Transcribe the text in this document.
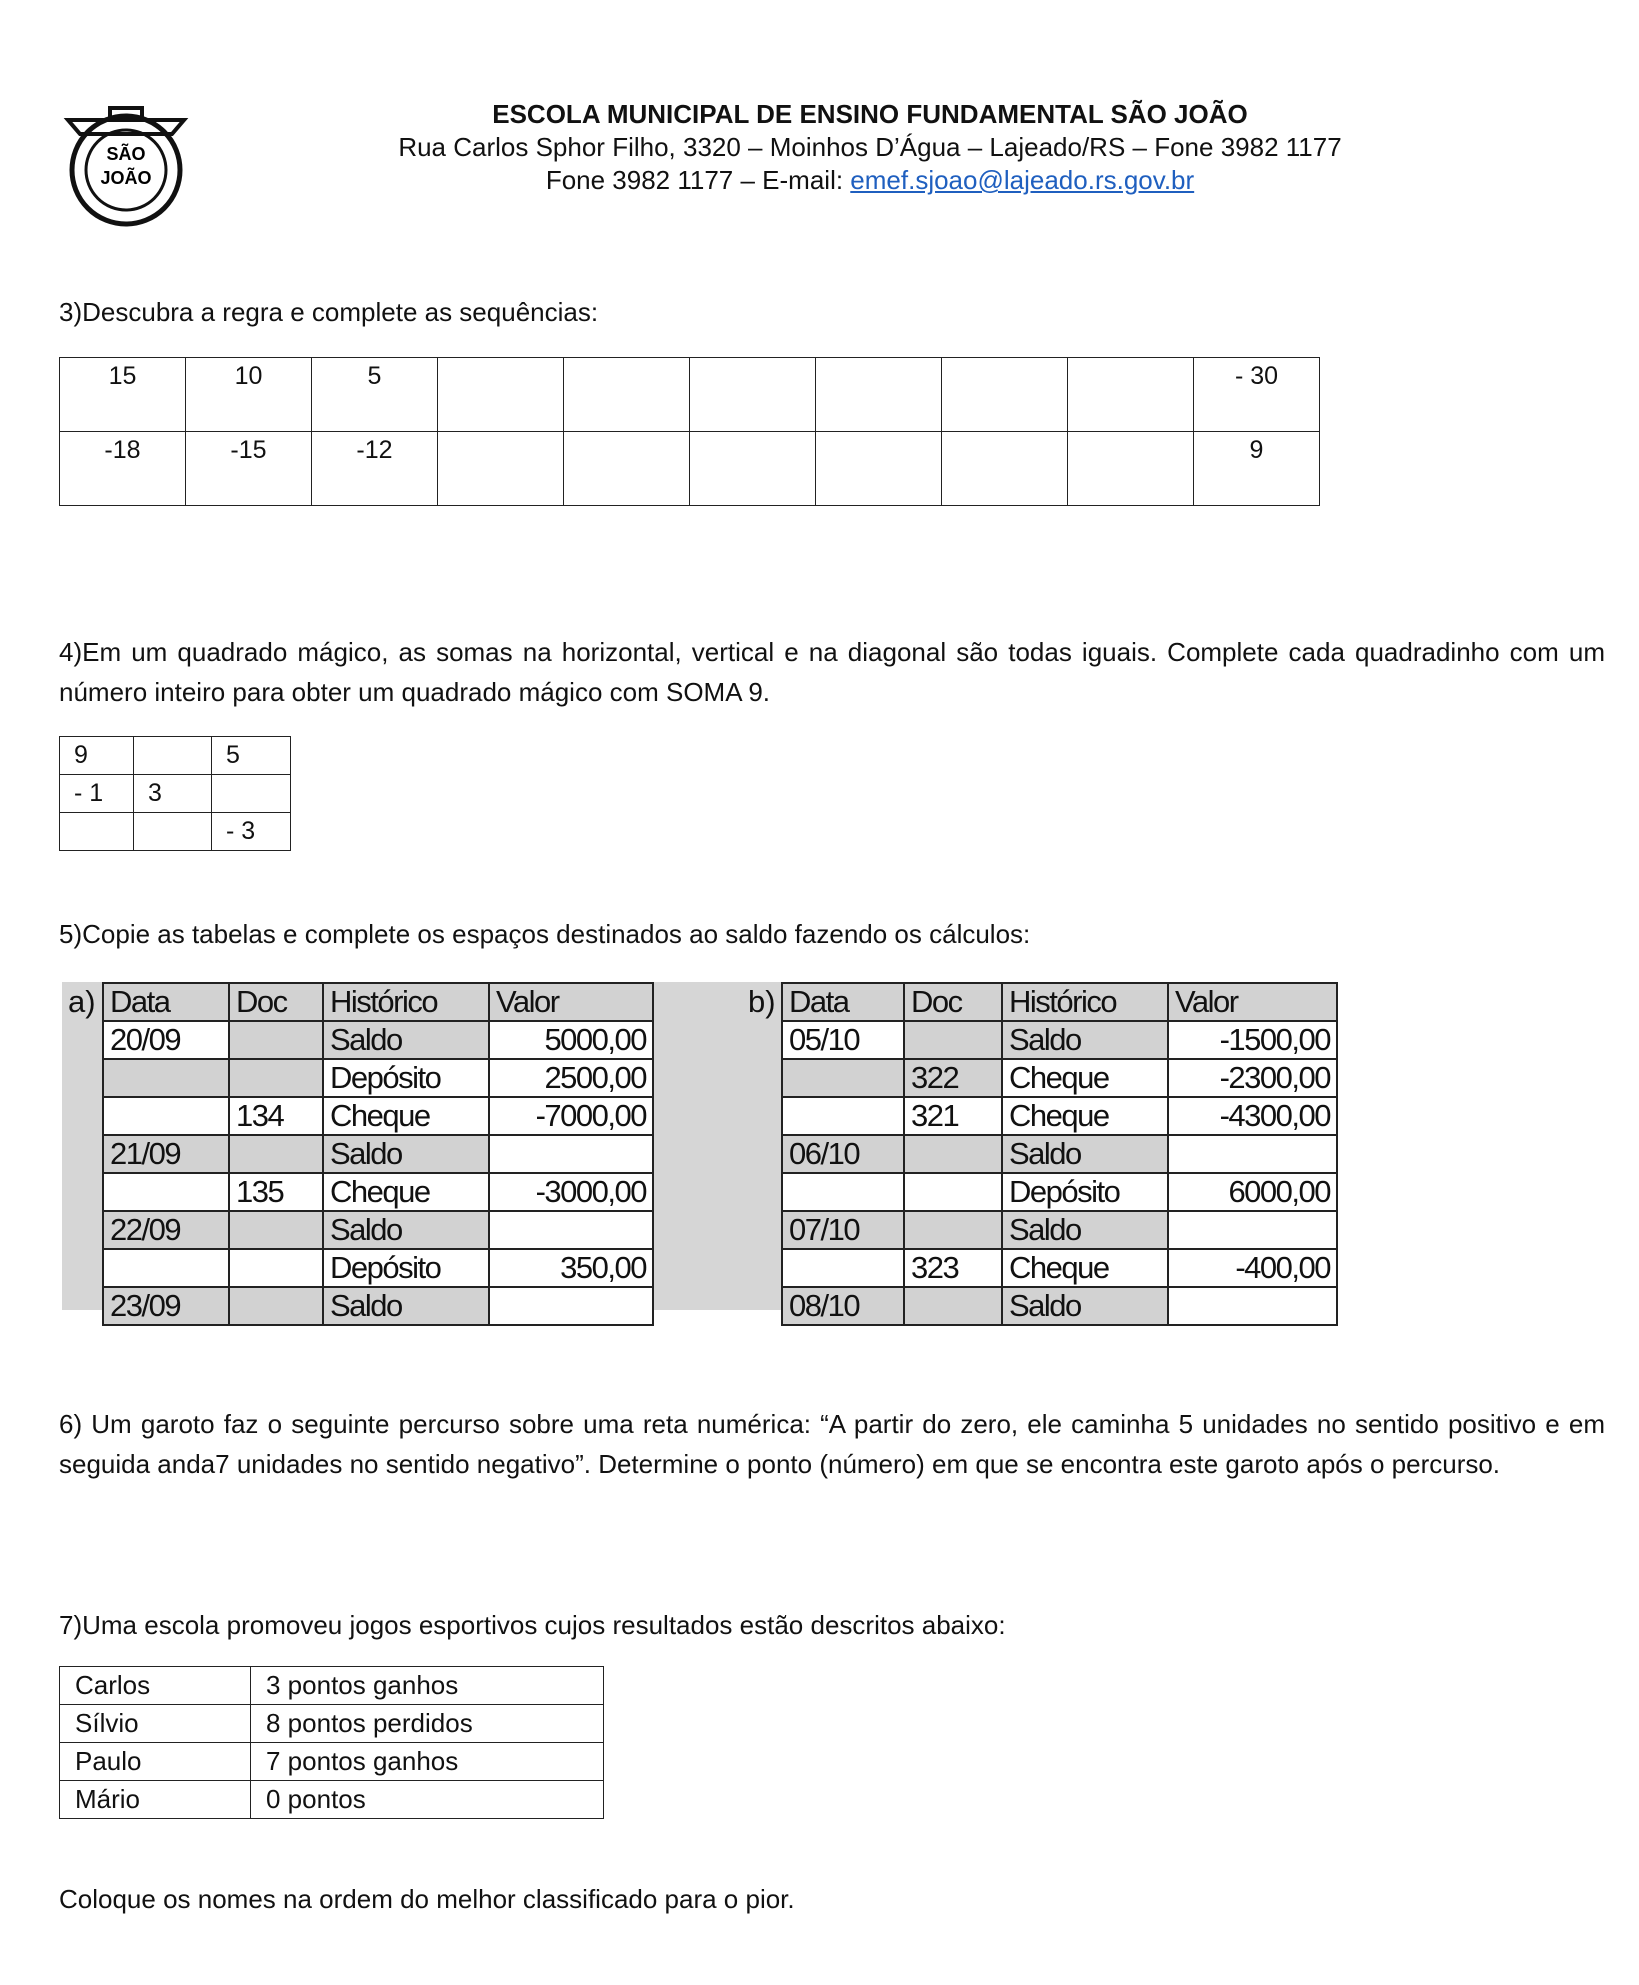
SÃO
JOÃO
ESCOLA MUNICIPAL DE ENSINO FUNDAMENTAL SÃO JOÃO
Rua Carlos Sphor Filho, 3320 – Moinhos D’Água – Lajeado/RS – Fone 3982 1177
Fone 3982 1177 – E-mail: emef.sjoao@lajeado.rs.gov.br
3)Descubra a regra e complete as sequências:
15	10	5							- 30
-18	-15	-12							9
4)Em um quadrado mágico, as somas na horizontal, vertical e na diagonal são todas iguais. Complete cada quadradinho com um número inteiro para obter um quadrado mágico com SOMA 9.
9		5
- 1	3	
		- 3
5)Copie as tabelas e complete os espaços destinados ao saldo fazendo os cálculos:
a)	b)
Data	Doc	Histórico	Valor
20/09		Saldo	5000,00
		Depósito	2500,00
	134	Cheque	-7000,00
21/09		Saldo	
	135	Cheque	-3000,00
22/09		Saldo	
		Depósito	350,00
23/09		Saldo	
Data	Doc	Histórico	Valor
05/10		Saldo	-1500,00
	322	Cheque	-2300,00
	321	Cheque	-4300,00
06/10		Saldo	
		Depósito	6000,00
07/10		Saldo	
	323	Cheque	-400,00
08/10		Saldo	
6) Um garoto faz o seguinte percurso sobre uma reta numérica: “A partir do zero, ele caminha 5 unidades no sentido positivo e em seguida anda7 unidades no sentido negativo”. Determine o ponto (número) em que se encontra este garoto após o percurso.
7)Uma escola promoveu jogos esportivos cujos resultados estão descritos abaixo:
Carlos	3 pontos ganhos
Sílvio	8 pontos perdidos
Paulo	7 pontos ganhos
Mário	0 pontos
Coloque os nomes na ordem do melhor classificado para o pior.
